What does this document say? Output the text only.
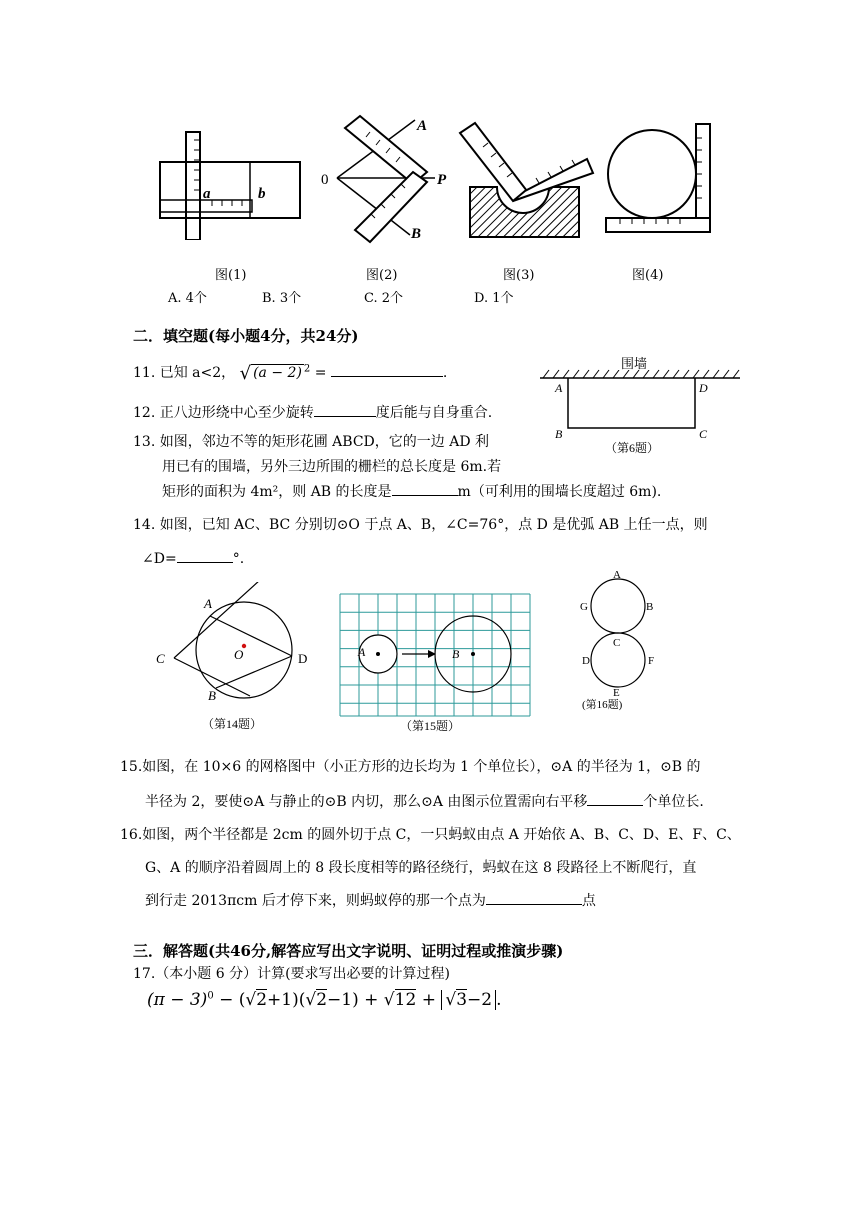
a	b
0
A
B
P
图(1)	图(2)	图(3)	图(4)
A. 4个	B. 3个	C. 2个	D. 1个
二．填空题(每小题4分，共24分)
11. 已知 a<2， √ (a − 2) $^2$ =	.
围墙
A	D
B	C
（第6题）
12. 正八边形绕中心至少旋转	度后能与自身重合.
13. 如图，邻边不等的矩形花圃 ABCD，它的一边 AD 利
用已有的围墙，另外三边所围的栅栏的总长度是 6m.若
矩形的面积为 4m²，则 AB 的长度是	m（可利用的围墙长度超过 6m).
14. 如图，已知 AC、BC 分别切⊙O 于点 A、B，∠C=76°，点 D 是优弧 AB 上任一点，则
∠D=	°.
A
B
C	O	D
（第14题）
A	B
（第15题）
A
B
C
D
E
F
G
(第16题)
15.如图，在 10×6 的网格图中（小正方形的边长均为 1 个单位长），⊙A 的半径为 1，⊙B 的
半径为 2，要使⊙A 与静止的⊙B 内切，那么⊙A 由图示位置需向右平移	个单位长.
16.如图，两个半径都是 2cm 的圆外切于点 C，一只蚂蚁由点 A 开始依 A、B、C、D、E、F、C、
G、A 的顺序沿着圆周上的 8 段长度相等的路径绕行，蚂蚁在这 8 段路径上不断爬行，直
到行走 2013πcm 后才停下来，则蚂蚁停的那一个点为	点
三．解答题(共46分,解答应写出文字说明、证明过程或推演步骤)
17.（本小题 6 分）计算(要求写出必要的计算过程)
$(\pi - 3)^0 - (√2+1)(√2-1) + √12 + √3-2$ .
